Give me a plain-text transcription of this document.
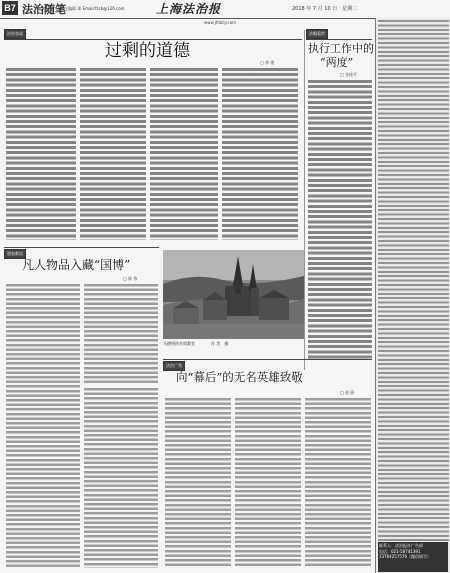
B7 法治随笔
责任编辑 郑 Email:fzsb@126.com	上海法治报	2018 年 7 月 10 日　星期二
www.jfdaily.com
法治杂谈
过剩的道德
□ 余 建
法眼看世
执行工作中的
“两度”
□ 张桂平
朋家絮语
凡人物品入藏“国博”
□ 陈 鲁
马德堡的乡间教堂　　　　作 者　摄
法治广角
向“幕后”的无名英雄致敬
□ 赵 蔚
联系人：法治报社广告部
电话：021-58741391
13764257576（微信同号）
